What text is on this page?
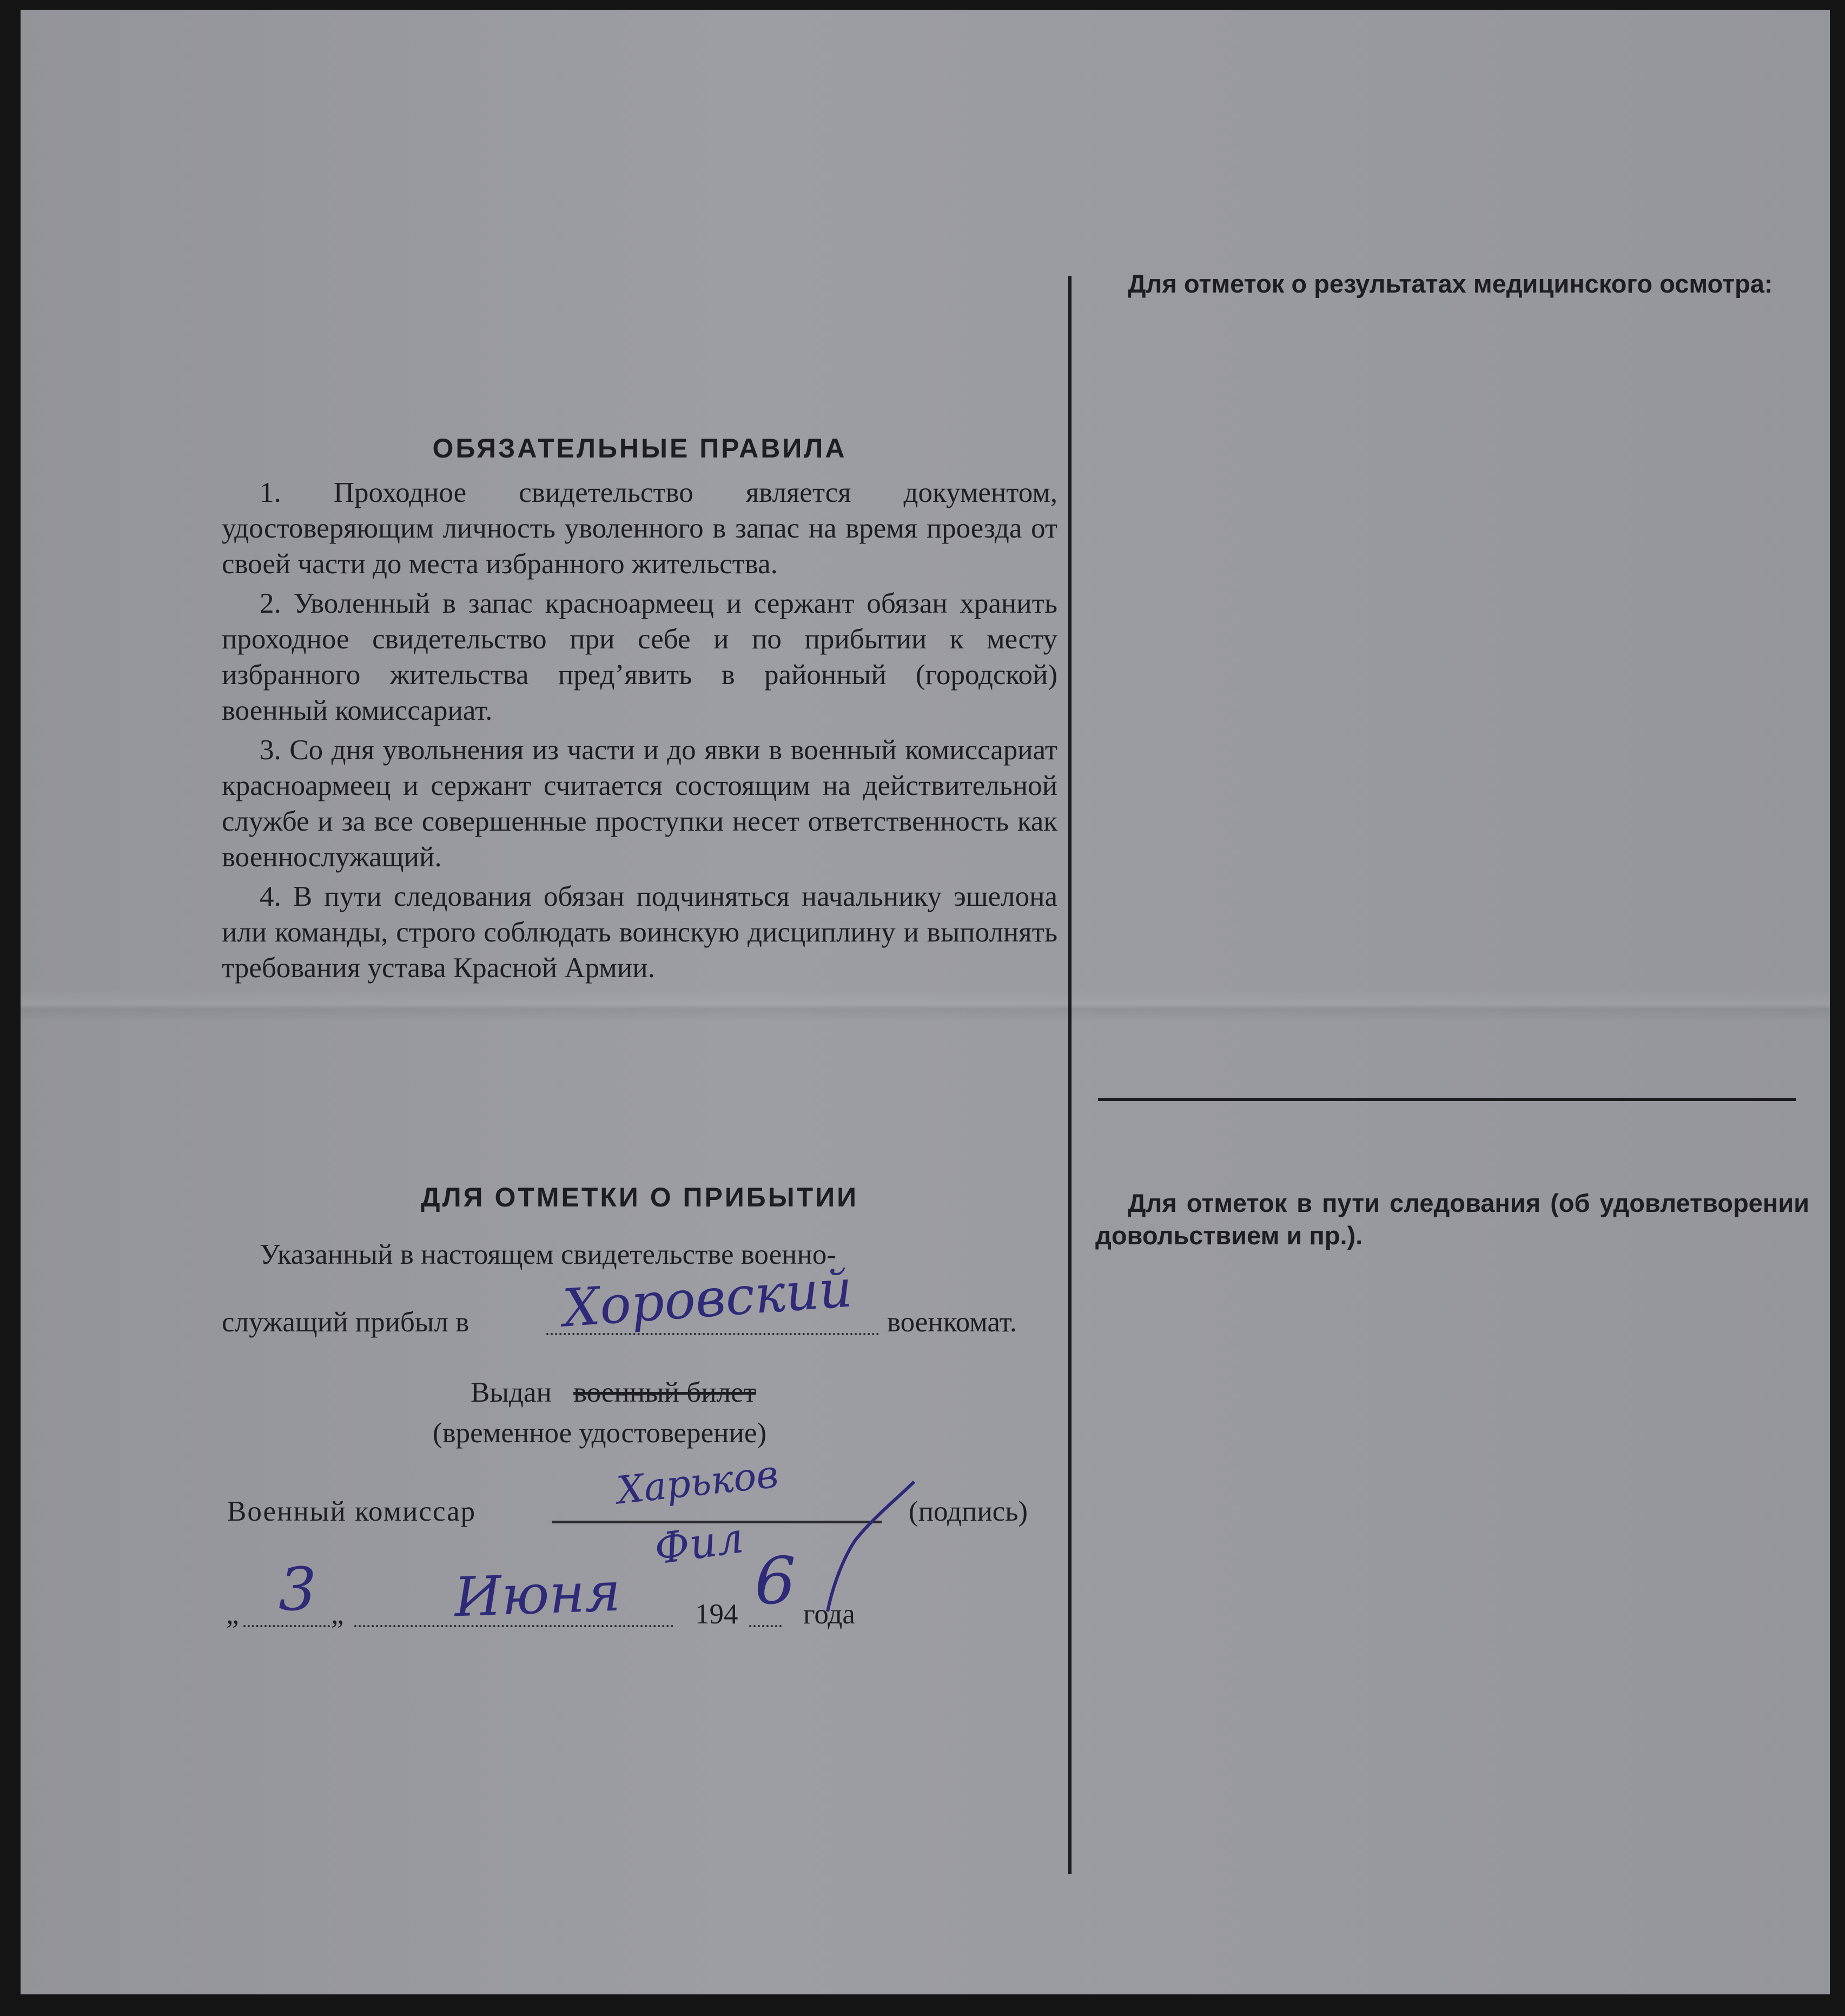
ОБЯЗАТЕЛЬНЫЕ ПРАВИЛА

1. Проходное свидетельство является документом, удостоверяющим личность уволенного в запас на время проезда от своей части до места избранного жительства.

2. Уволенный в запас красноармеец и сержант обязан хранить проходное свидетельство при себе и по прибытии к месту избранного жительства пред’явить в районный (городской) военный комиссариат.

3. Со дня увольнения из части и до явки в военный комиссариат красноармеец и сержант считается состоящим на действительной службе и за все совершенные проступки несет ответственность как военнослужащий.

4. В пути следования обязан подчиняться начальнику эшелона или команды, строго соблюдать воинскую дисциплину и выполнять требования устава Красной Армии.

ДЛЯ ОТМЕТКИ О ПРИБЫТИИ
Указанный в настоящем свидетельстве военно-
служащий прибыл в	военкомат.
Выдан военный билет
(временное удостоверение)
Военный комиссар	(подпись)
„	„	194 года
Хоровский
Харьков
Фил
3	Июня 6
Для отметок о результатах медицинского осмотра:
Для отметок в пути следования (об удовлетворении довольствием и пр.).
